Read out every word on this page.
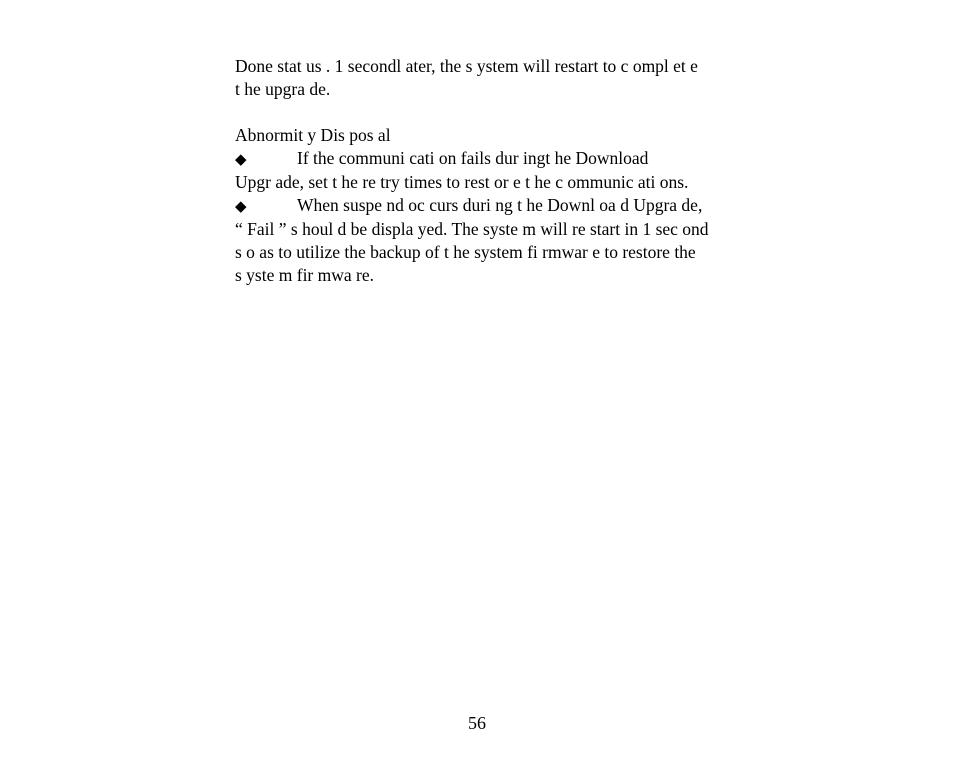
Done stat us . 1 secondl ater, the s ystem will restart to c ompl et e

t he upgra de.

Abnormit y Dis pos al

◆	If the communi cati on fails dur ingt he Download

Upgr ade, set t he re try times to rest or e t he c ommunic ati ons.

◆	When suspe nd oc curs duri ng t he Downl oa d Upgra de,

“ Fail ” s houl d be displa yed. The syste m will re start in 1 sec ond

s o as to utilize the backup of t he system fi rmwar e to restore the

s yste m fir mwa re.

56
